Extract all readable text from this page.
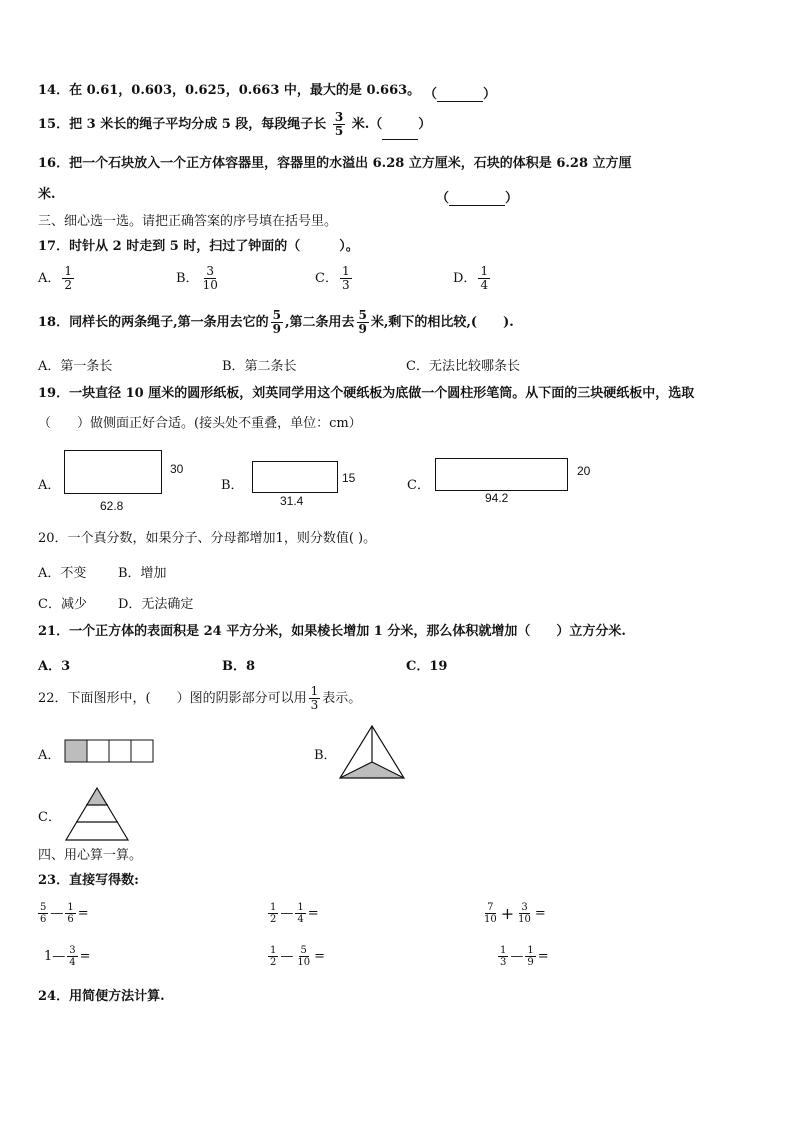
14．在 0.61，0.603，0.625，0.663 中，最大的是 0.663。 （	）
15．把 3 米长的绳子平均分成 5 段，每段绳子长 $\frac{3}{5}$ 米.（	）
16．把一个石块放入一个正方体容器里，容器里的水溢出 6.28 立方厘米，石块的体积是 6.28 立方厘
米.	（	）
三、细心选一选。请把正确答案的序号填在括号里。
17．时针从 2 时走到 5 时，扫过了钟面的（　　　）。
A． $\frac{1}{2}$	B． $\frac{3}{10}$	C． $\frac{1}{3}$	D． $\frac{1}{4}$
18．同样长的两条绳子,第一条用去它的 $\frac{5}{9}$ ,第二条用去 $\frac{5}{9}$ 米,剩下的相比较,(　　).
A．第一条长	B．第二条长	C．无法比较哪条长
19．一块直径 10 厘米的圆形纸板，刘英同学用这个硬纸板为底做一个圆柱形笔筒。从下面的三块硬纸板中，选取
（　　）做侧面正好合适。(接头处不重叠，单位：cm）
A．
30
62.8
B．	15
31.4
C．
20
94.2
20．一个真分数，如果分子、分母都增加1，则分数值( )。
A．不变 B．增加
C．减少 D．无法确定
21．一个正方体的表面积是 24 平方分米，如果棱长增加 1 分米，那么体积就增加（　　）立方分米.
A．3	B．8	C．19
22．下面图形中，(　　）图的阴影部分可以用 $\frac{1}{3}$ 表示。
A．	B．
C．
四、用心算一算。
23．直接写得数:
$\frac{5}{6}$ — $\frac{1}{6}$ =	$\frac{1}{2}$ — $\frac{1}{4}$ =	$\frac{7}{10} + \frac{3}{10}$ =
1— $\frac{3}{4}$ =	$\frac{1}{2}$ — $\frac{5}{10}$ =	$\frac{1}{3}$ — $\frac{1}{9}$ =
24．用简便方法计算.
